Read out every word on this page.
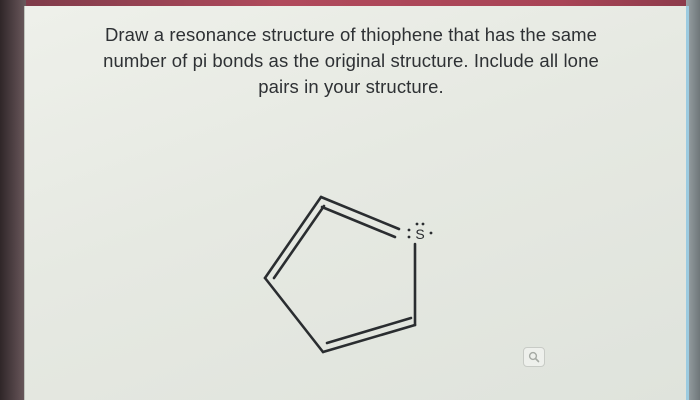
Draw a resonance structure of thiophene that has the same
number of pi bonds as the original structure. Include all lone
pairs in your structure.

S
